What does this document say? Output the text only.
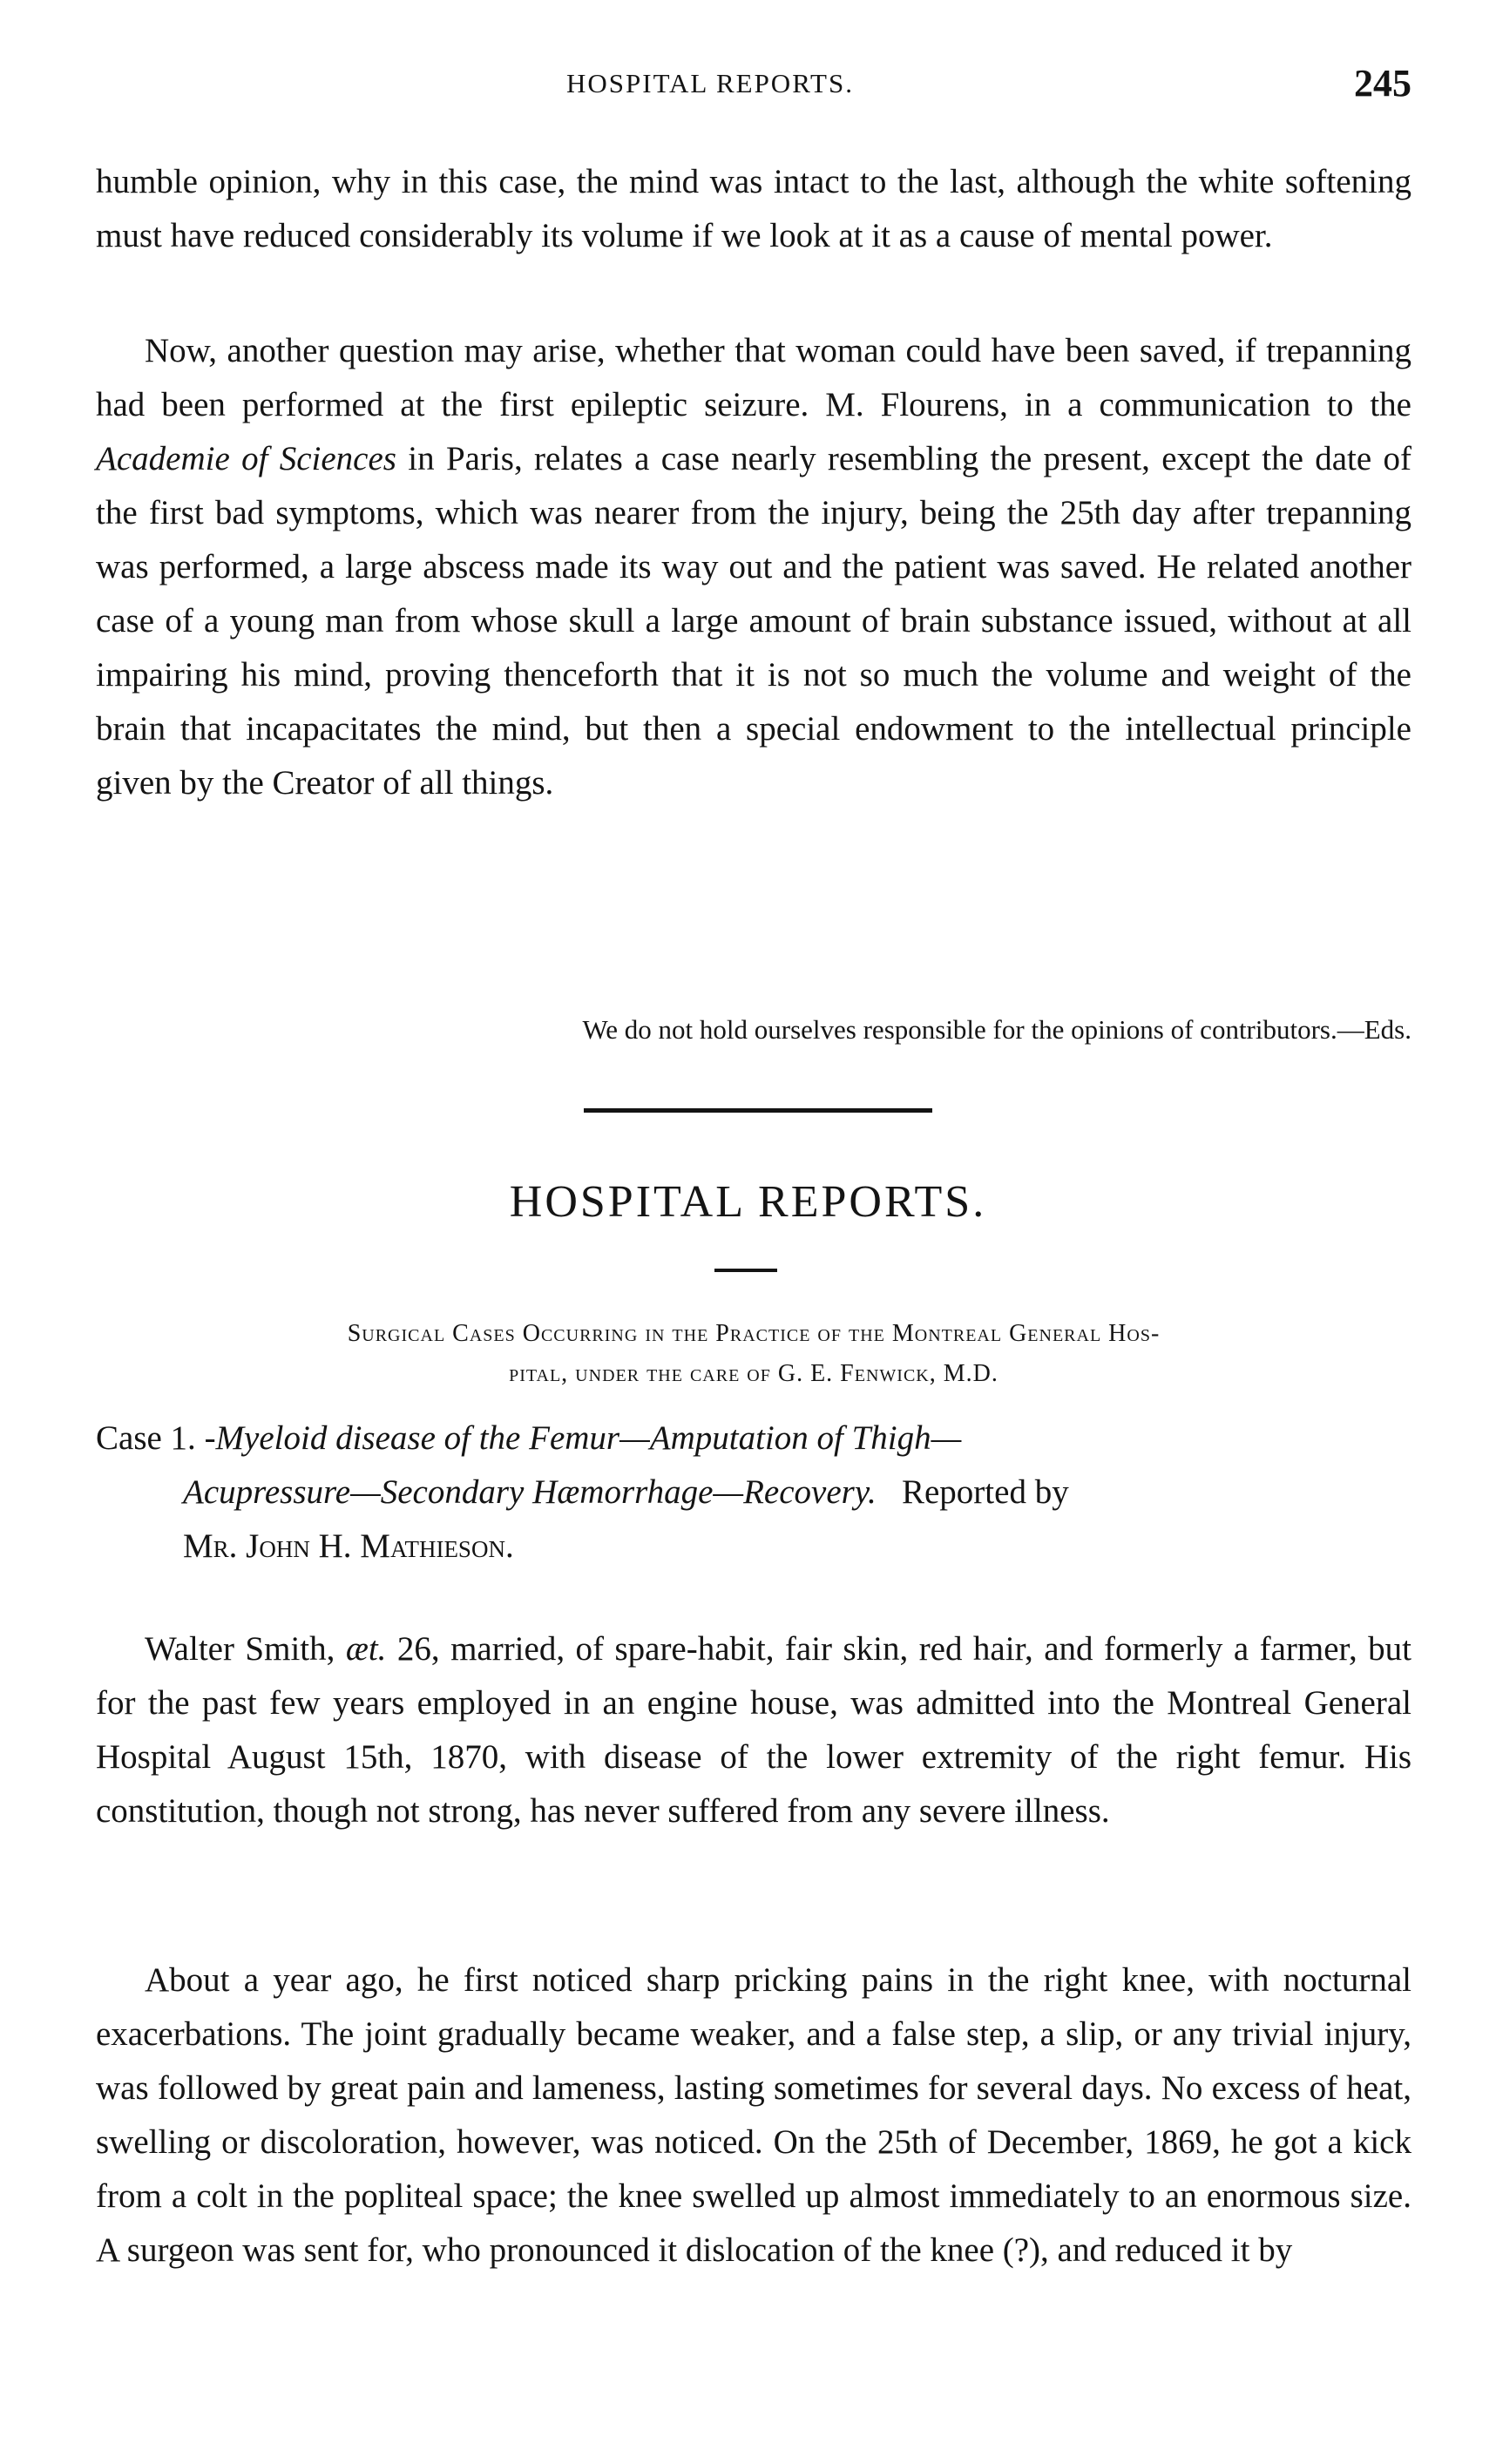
HOSPITAL REPORTS.	245

humble opinion, why in this case, the mind was intact to the last, although the white softening must have reduced considerably its volume if we look at it as a cause of mental power.

Now, another question may arise, whether that woman could have been saved, if trepanning had been performed at the first epileptic seizure. M. Flourens, in a communication to the Academie of Sciences in Paris, relates a case nearly resembling the present, except the date of the first bad symptoms, which was nearer from the injury, being the 25th day after trepanning was performed, a large abscess made its way out and the patient was saved. He related another case of a young man from whose skull a large amount of brain substance issued, without at all impairing his mind, proving thenceforth that it is not so much the volume and weight of the brain that incapacitates the mind, but then a special endowment to the intellectual principle given by the Creator of all things.

We do not hold ourselves responsible for the opinions of contributors.—Eds.

HOSPITAL REPORTS.
Surgical Cases Occurring in the Practice of the Montreal General Hos-
pital, under the care of G. E. Fenwick, M.D.
Case 1. -Myeloid disease of the Femur—Amputation of Thigh—
Acupressure—Secondary Hæmorrhage—Recovery. Reported by
Mr. John H. Mathieson.

Walter Smith, æt. 26, married, of spare-habit, fair skin, red hair, and formerly a farmer, but for the past few years employed in an engine house, was admitted into the Montreal General Hospital August 15th, 1870, with disease of the lower extremity of the right femur. His constitution, though not strong, has never suffered from any severe illness.

About a year ago, he first noticed sharp pricking pains in the right knee, with nocturnal exacerbations. The joint gradually became weaker, and a false step, a slip, or any trivial injury, was followed by great pain and lameness, lasting sometimes for several days. No excess of heat, swelling or discoloration, however, was noticed. On the 25th of December, 1869, he got a kick from a colt in the popliteal space; the knee swelled up almost immediately to an enormous size. A surgeon was sent for, who pronounced it dislocation of the knee (?), and reduced it by
